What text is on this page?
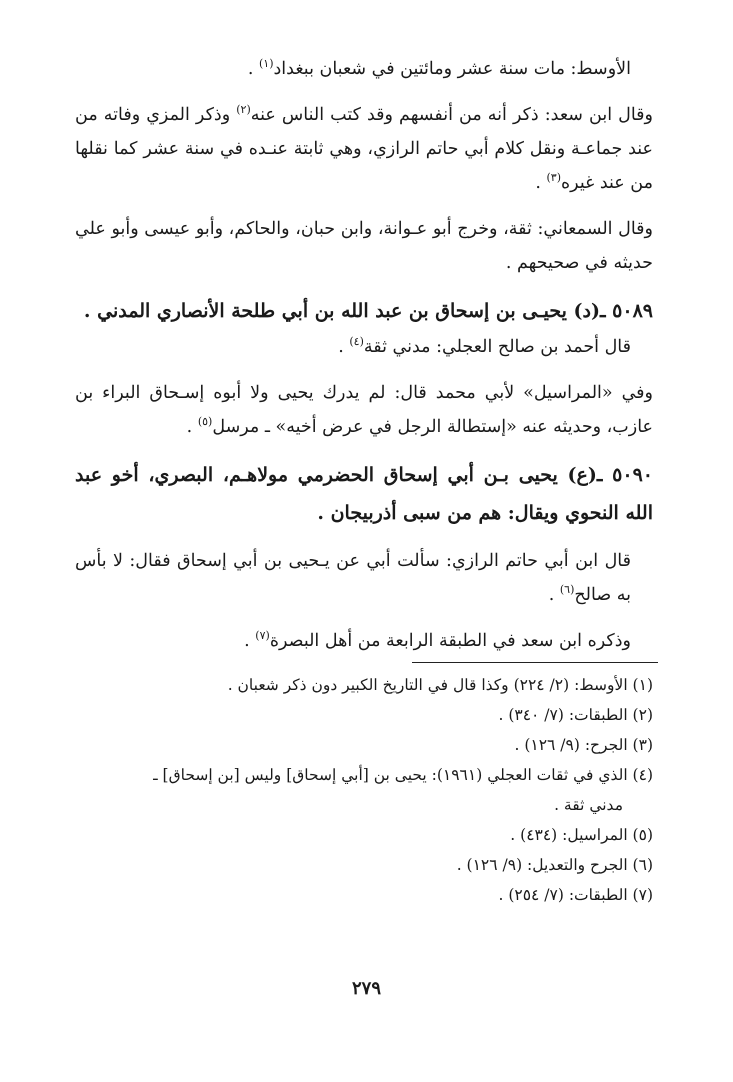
الأوسط: مات سنة عشر ومائتين في شعبان ببغداد$^{(١)}$ .

وقال ابن سعد: ذكر أنه من أنفسهم وقد كتب الناس عنه$^{(٢)}$ وذكر المزي وفاته من عند جماعـة ونقل كلام أبي حاتم الرازي، وهي ثابتة عنـده في سنة عشر كما نقلها من عند غيره$^{(٣)}$ .

وقال السمعاني: ثقة، وخرج أبو عـوانة، وابن حبان، والحاكم، وأبو عيسى وأبو علي حديثه في صحيحهم .

٥٠٨٩ ـ(د) يحيـى بن إسحاق بن عبد الله بن أبي طلحة الأنصاري المدني .

قال أحمد بن صالح العجلي: مدني ثقة$^{(٤)}$ .

وفي «المراسيل» لأبي محمد قال: لم يدرك يحيى ولا أبوه إسـحاق البراء بن عازب، وحديثه عنه «إستطالة الرجل في عرض أخيه» ـ مرسل$^{(٥)}$ .

٥٠٩٠ ـ(ع) يحيى بـن أبي إسحاق الحضرمي مولاهـم، البصري، أخو عبد الله النحوي ويقال: هم من سبى أذربيجان .

قال ابن أبي حاتم الرازي: سألت أبي عن يـحيى بن أبي إسحاق فقال: لا بأس به صالح$^{(٦)}$ .

وذكره ابن سعد في الطبقة الرابعة من أهل البصرة$^{(٧)}$ .

(١) الأوسط: (٢/ ٢٢٤) وكذا قال في التاريخ الكبير دون ذكر شعبان .

(٢) الطبقات: (٧/ ٣٤٠) .

(٣) الجرح: (٩/ ١٢٦) .

(٤) الذي في ثقات العجلي (١٩٦١): يحيى بن [أبي إسحاق] وليس [بن إسحاق] ـ

مدني ثقة .

(٥) المراسيل: (٤٣٤) .

(٦) الجرح والتعديل: (٩/ ١٢٦) .

(٧) الطبقات: (٧/ ٢٥٤) .

٢٧٩
